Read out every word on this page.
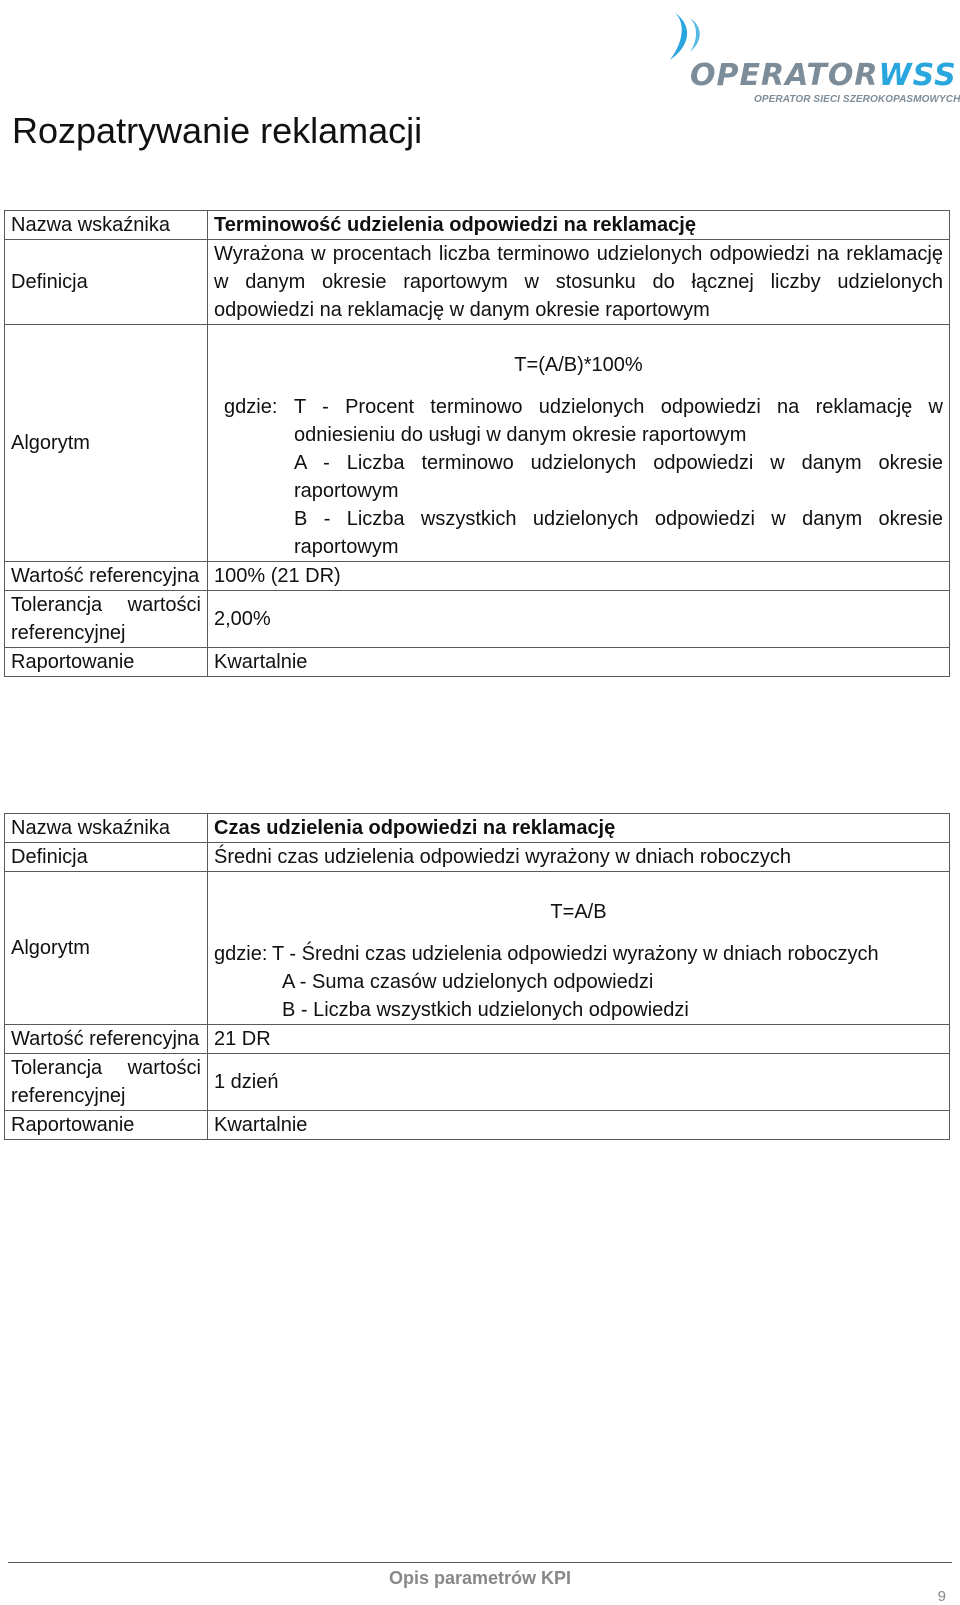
OPERATORWSS
OPERATOR SIECI SZEROKOPASMOWYCH
Rozpatrywanie reklamacji
Nazwa wskaźnika	Terminowość udzielenia odpowiedzi na reklamację
Definicja	Wyrażona w procentach liczba terminowo udzielonych odpowiedzi na reklamację w danym okresie raportowym w stosunku do łącznej liczby udzielonych odpowiedzi na reklamację w danym okresie raportowym
Algorytm	T=(A/B)*100%
gdzie: T - Procent terminowo udzielonych odpowiedzi na reklamację w odniesieniu do usługi w danym okresie raportowym

A - Liczba terminowo udzielonych odpowiedzi w danym okresie raportowym

B - Liczba wszystkich udzielonych odpowiedzi w danym okresie raportowym

Wartość referencyjna	100% (21 DR)
Tolerancja wartości referencyjnej	2,00%
Raportowanie	Kwartalnie
Nazwa wskaźnika	Czas udzielenia odpowiedzi na reklamację
Definicja	Średni czas udzielenia odpowiedzi wyrażony w dniach roboczych
Algorytm	T=A/B
gdzie: T - Średni czas udzielenia odpowiedzi wyrażony w dniach roboczych

A - Suma czasów udzielonych odpowiedzi

B - Liczba wszystkich udzielonych odpowiedzi

Wartość referencyjna	21 DR
Tolerancja wartości referencyjnej	1 dzień
Raportowanie	Kwartalnie
Opis parametrów KPI
9
